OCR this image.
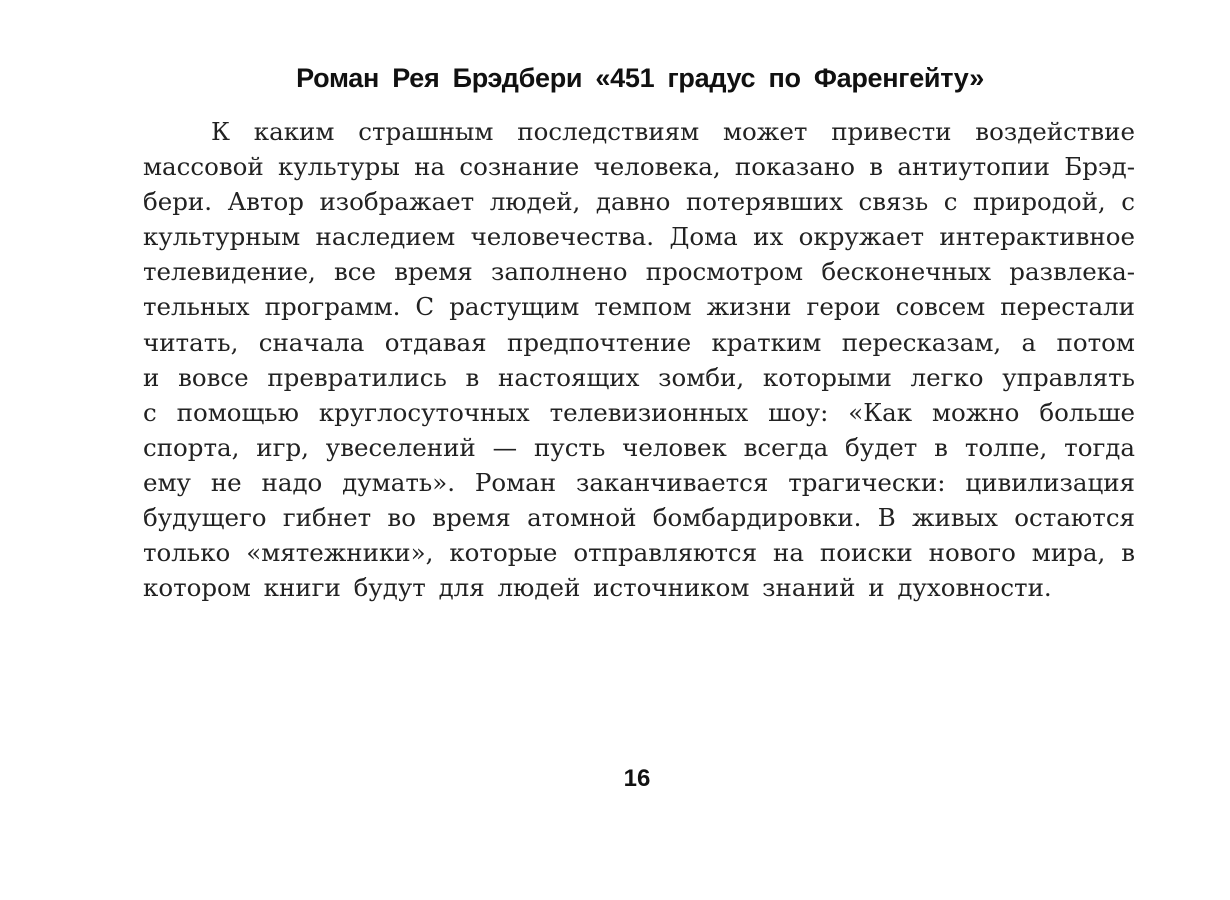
Роман Рея Брэдбери «451 градус по Фаренгейту»
К каким страшным последствиям может привести воздействие
массовой культуры на сознание человека, показано в антиутопии Брэд-
бери. Автор изображает людей, давно потерявших связь с природой, с
культурным наследием человечества. Дома их окружает интерактивное
телевидение, все время заполнено просмотром бесконечных развлека-
тельных программ. С растущим темпом жизни герои совсем перестали
читать, сначала отдавая предпочтение кратким пересказам, а потом
и вовсе превратились в настоящих зомби, которыми легко управлять
с помощью круглосуточных телевизионных шоу: «Как можно больше
спорта, игр, увеселений — пусть человек всегда будет в толпе, тогда
ему не надо думать». Роман заканчивается трагически: цивилизация
будущего гибнет во время атомной бомбардировки. В живых остаются
только «мятежники», которые отправляются на поиски нового мира, в
котором книги будут для людей источником знаний и духовности.
16
